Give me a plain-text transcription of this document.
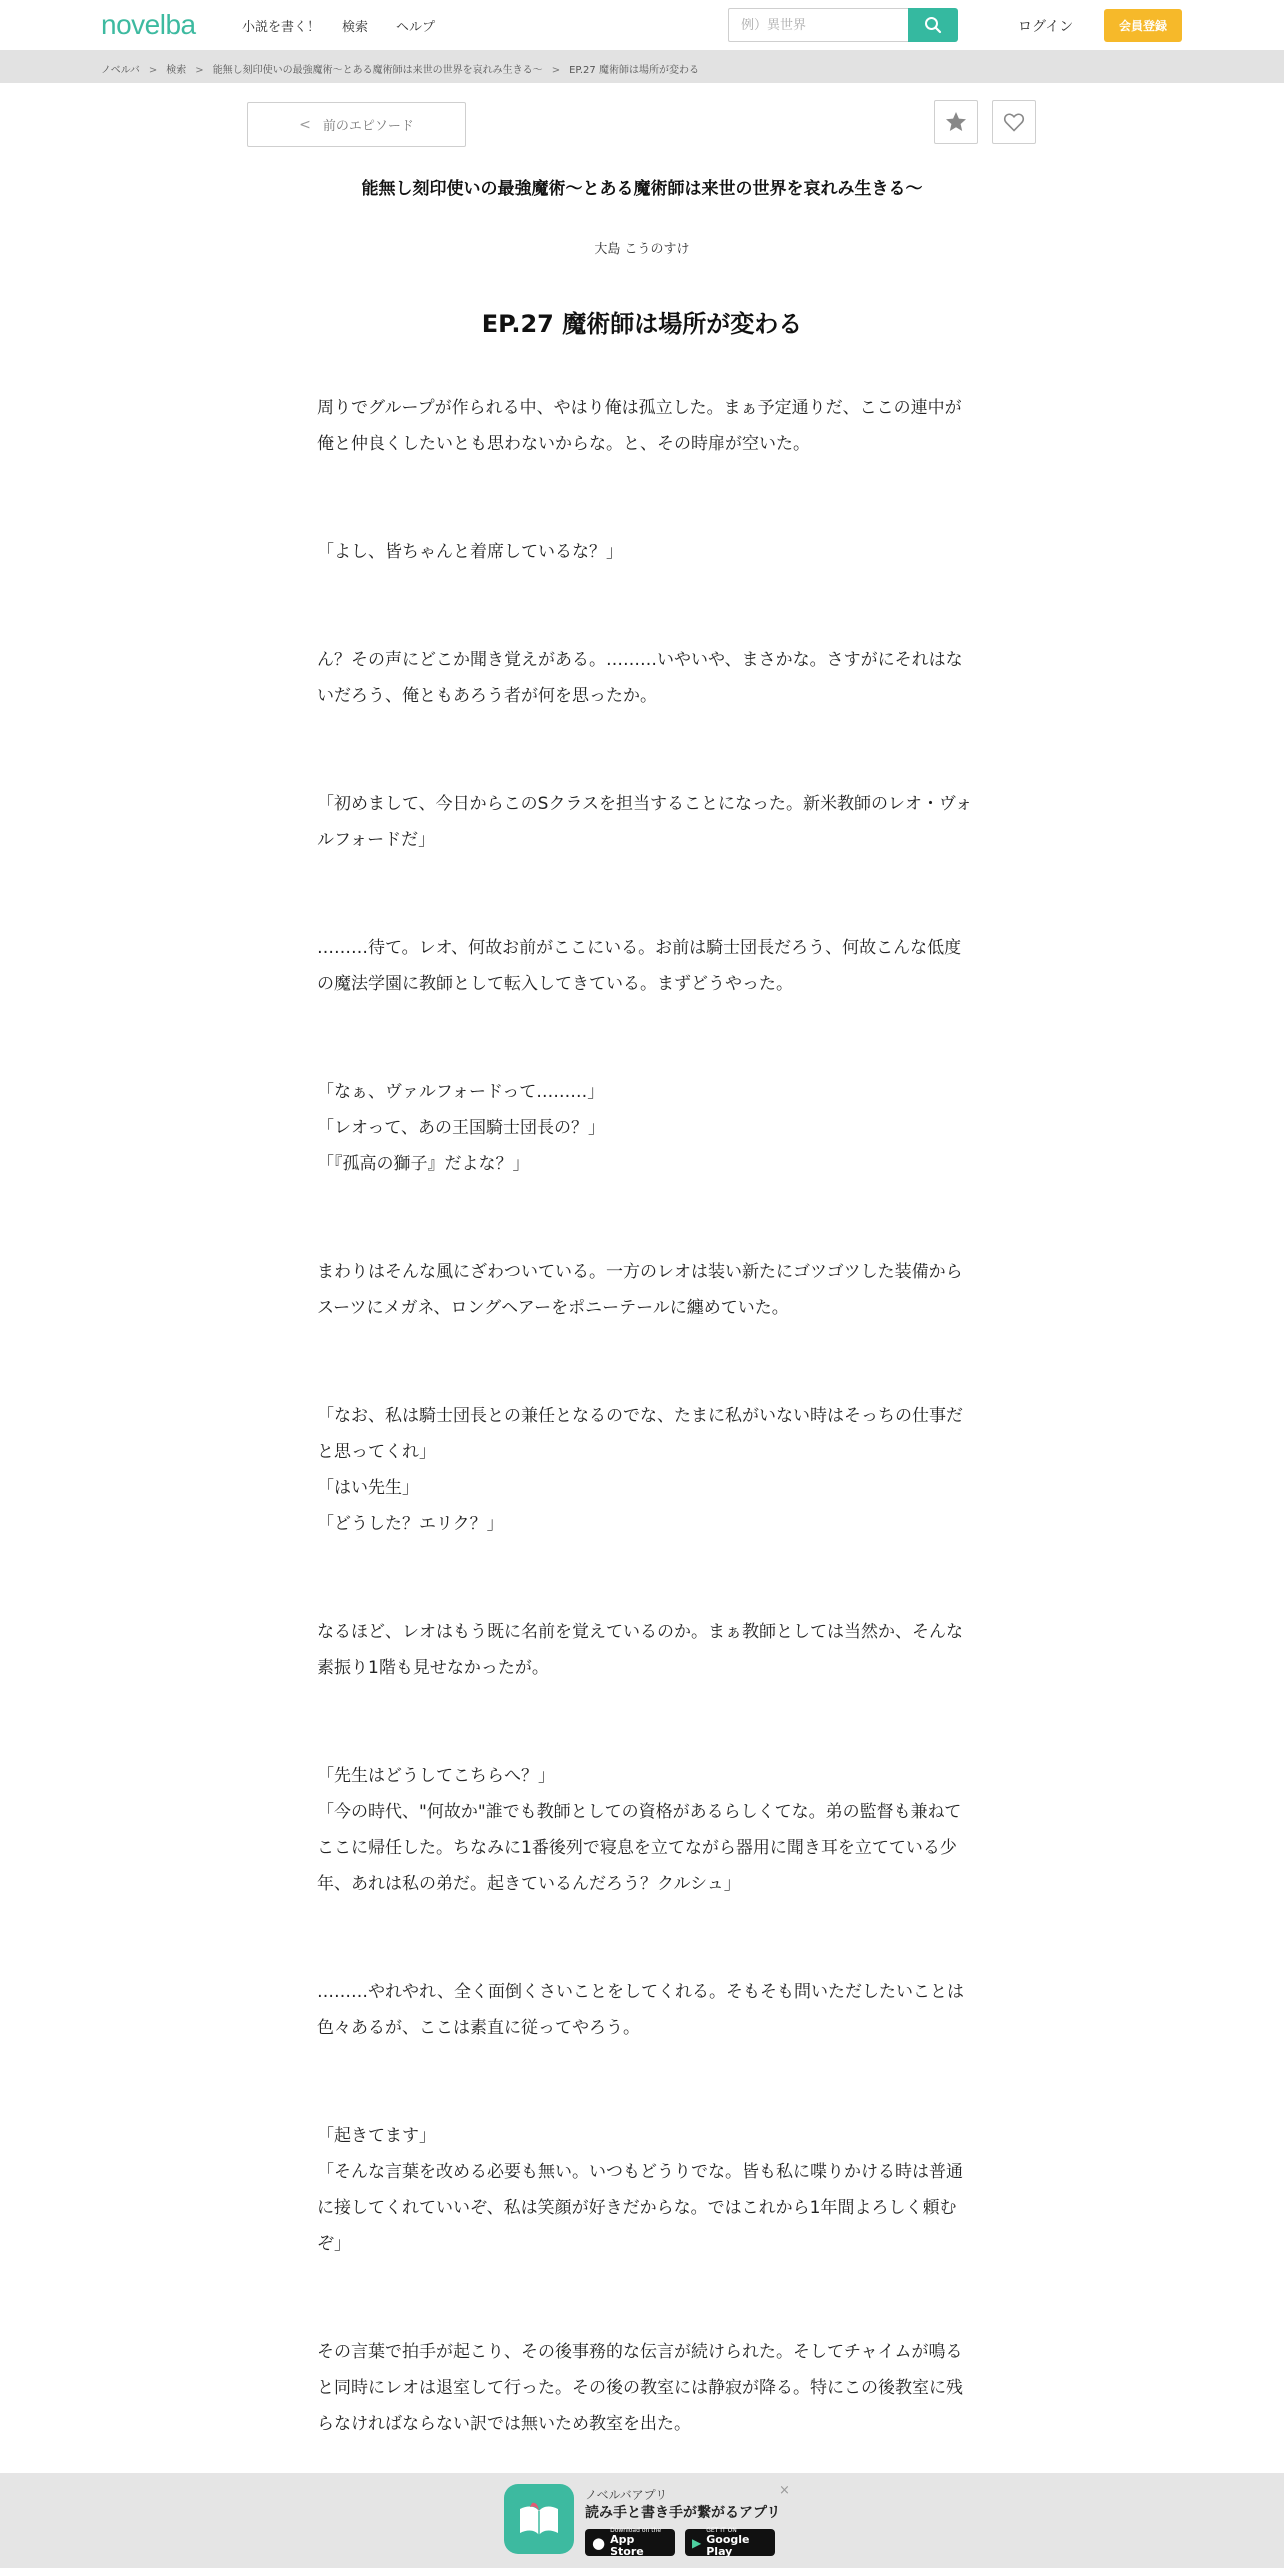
novelba	小説を書く！ 検索 ヘルプ
例）異世界	ログイン	会員登録
ノベルバ > 検索 > 能無し刻印使いの最強魔術〜とある魔術師は来世の世界を哀れみ生きる〜 > EP.27 魔術師は場所が変わる
< 前のエピソード
能無し刻印使いの最強魔術〜とある魔術師は来世の世界を哀れみ生きる〜
大島 こうのすけ
EP.27 魔術師は場所が変わる

周りでグループが作られる中、やはり俺は孤立した。まぁ予定通りだ、ここの連中が俺と仲良くしたいとも思わないからな。と、その時扉が空いた。

「よし、皆ちゃんと着席しているな？」

ん？その声にどこか聞き覚えがある。………いやいや、まさかな。さすがにそれはないだろう、俺ともあろう者が何を思ったか。

「初めまして、今日からこのSクラスを担当することになった。新米教師のレオ・ヴォルフォードだ」

………待て。レオ、何故お前がここにいる。お前は騎士団長だろう、何故こんな低度の魔法学園に教師として転入してきている。まずどうやった。

「なぁ、ヴァルフォードって………」
「レオって、あの王国騎士団長の？」
「『孤高の獅子』だよな？」

まわりはそんな風にざわついている。一方のレオは装い新たにゴツゴツした装備からスーツにメガネ、ロングヘアーをポニーテールに纏めていた。

「なお、私は騎士団長との兼任となるのでな、たまに私がいない時はそっちの仕事だと思ってくれ」
「はい先生」
「どうした？エリク？」

なるほど、レオはもう既に名前を覚えているのか。まぁ教師としては当然か、そんな素振り1階も見せなかったが。

「先生はどうしてこちらへ？」
「今の時代、"何故か"誰でも教師としての資格があるらしくてな。弟の監督も兼ねてここに帰任した。ちなみに1番後列で寝息を立てながら器用に聞き耳を立てている少年、あれは私の弟だ。起きているんだろう？クルシュ」

………やれやれ、全く面倒くさいことをしてくれる。そもそも問いただしたいことは色々あるが、ここは素直に従ってやろう。

「起きてます」
「そんな言葉を改める必要も無い。いつもどうりでな。皆も私に喋りかける時は普通に接してくれていいぞ、私は笑顔が好きだからな。ではこれから1年間よろしく頼むぞ」

その言葉で拍手が起こり、その後事務的な伝言が続けられた。そしてチャイムが鳴ると同時にレオは退室して行った。その後の教室には静寂が降る。特にこの後教室に残らなければならない訳では無いため教室を出た。

ノベルバアプリ
読み手と書き手が繋がるアプリ
●
Download on the
App Store
▶
GET IT ON
Google Play
×
